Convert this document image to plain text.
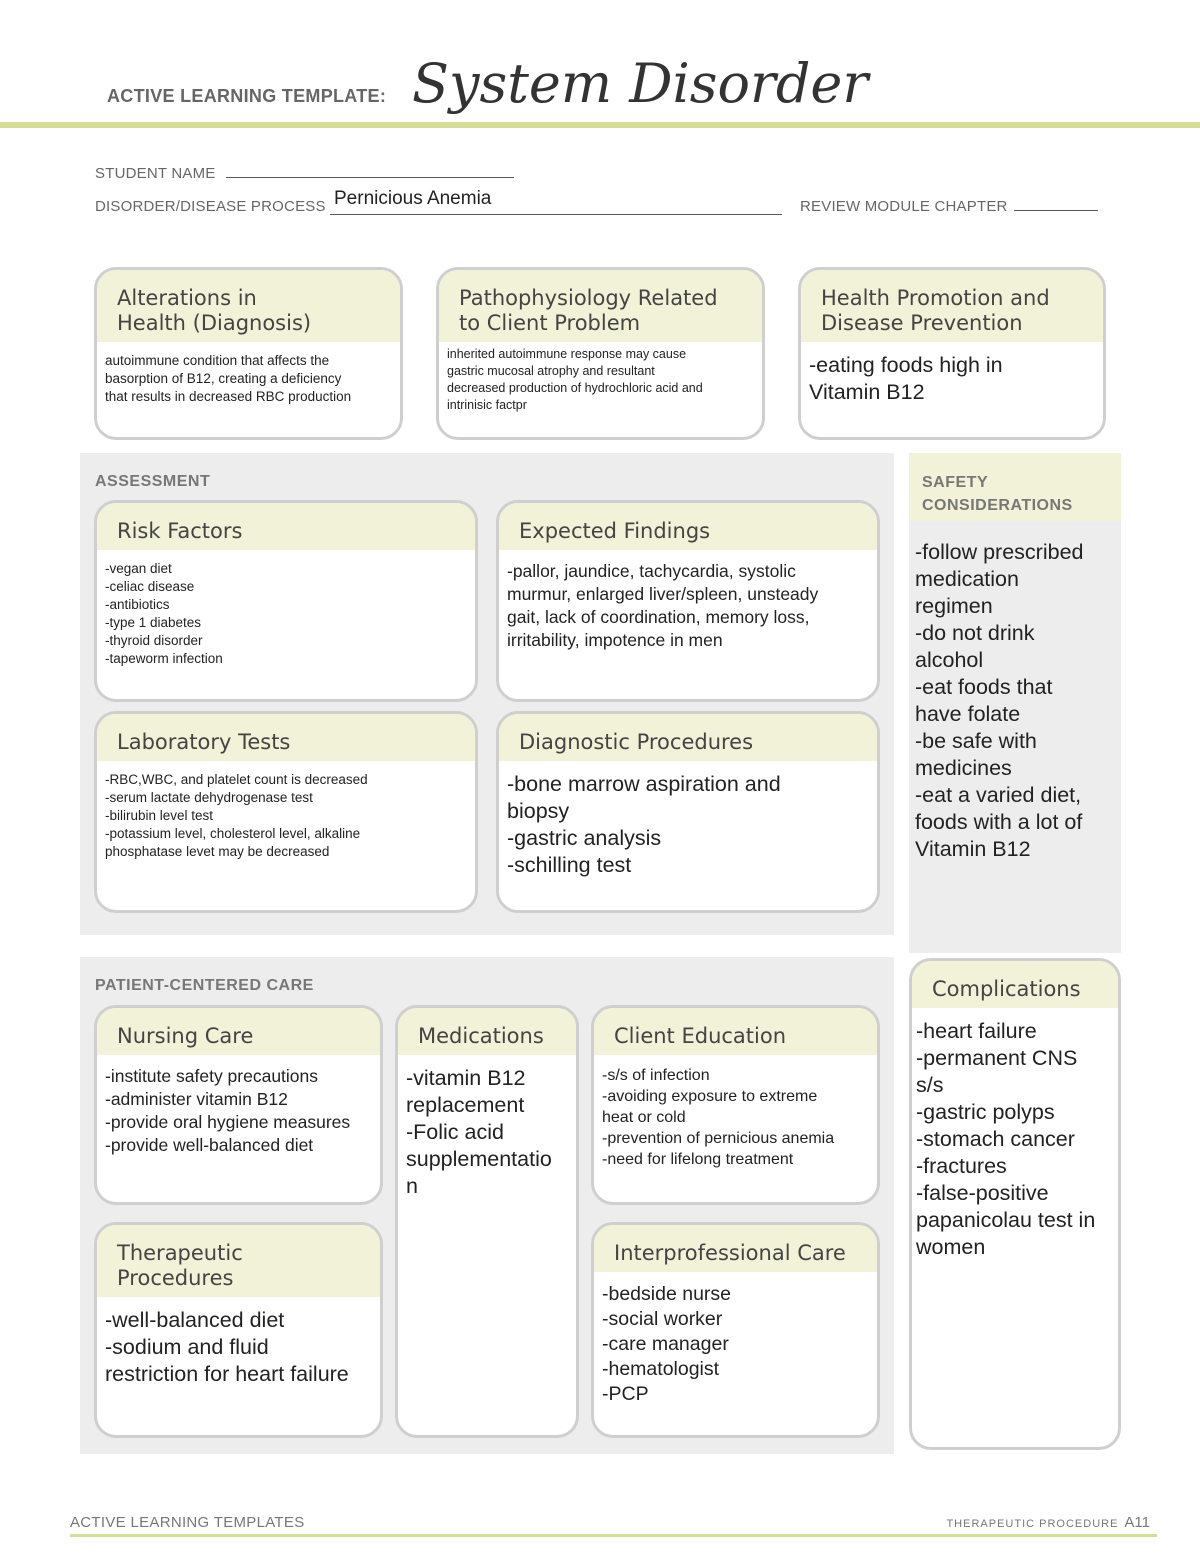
ACTIVE LEARNING TEMPLATE: System Disorder
STUDENT NAME
DISORDER/DISEASE PROCESS Pernicious Anemia	REVIEW MODULE CHAPTER
Alterations in
Health (Diagnosis)
autoimmune condition that affects the
basorption of B12, creating a deficiency
that results in decreased RBC production
Pathophysiology Related
to Client Problem
inherited autoimmune response may cause
gastric mucosal atrophy and resultant
decreased production of hydrochloric acid and
intrinisic factpr
Health Promotion and
Disease Prevention
-eating foods high in
Vitamin B12
ASSESSMENT
Risk Factors
-vegan diet
-celiac disease
-antibiotics
-type 1 diabetes
-thyroid disorder
-tapeworm infection
Expected Findings
-pallor, jaundice, tachycardia, systolic
murmur, enlarged liver/spleen, unsteady
gait, lack of coordination, memory loss,
irritability, impotence in men
Laboratory Tests
-RBC,WBC, and platelet count is decreased
-serum lactate dehydrogenase test
-bilirubin level test
-potassium level, cholesterol level, alkaline
phosphatase levet may be decreased
Diagnostic Procedures
-bone marrow aspiration and
biopsy
-gastric analysis
-schilling test
SAFETY
CONSIDERATIONS
-follow prescribed
medication
regimen
-do not drink
alcohol
-eat foods that
have folate
-be safe with
medicines
-eat a varied diet,
foods with a lot of
Vitamin B12
PATIENT-CENTERED CARE
Nursing Care
-institute safety precautions
-administer vitamin B12
-provide oral hygiene measures
-provide well-balanced diet
Medications
-vitamin B12
replacement
-Folic acid
supplementatio
n
Client Education
-s/s of infection
-avoiding exposure to extreme
heat or cold
-prevention of pernicious anemia
-need for lifelong treatment
Therapeutic Procedures
-well-balanced diet
-sodium and fluid
restriction for heart failure
Interprofessional Care
-bedside nurse
-social worker
-care manager
-hematologist
-PCP
Complications
-heart failure
-permanent CNS
s/s
-gastric polyps
-stomach cancer
-fractures
-false-positive
papanicolau test in
women
ACTIVE LEARNING TEMPLATES	THERAPEUTIC PROCEDURE A11
